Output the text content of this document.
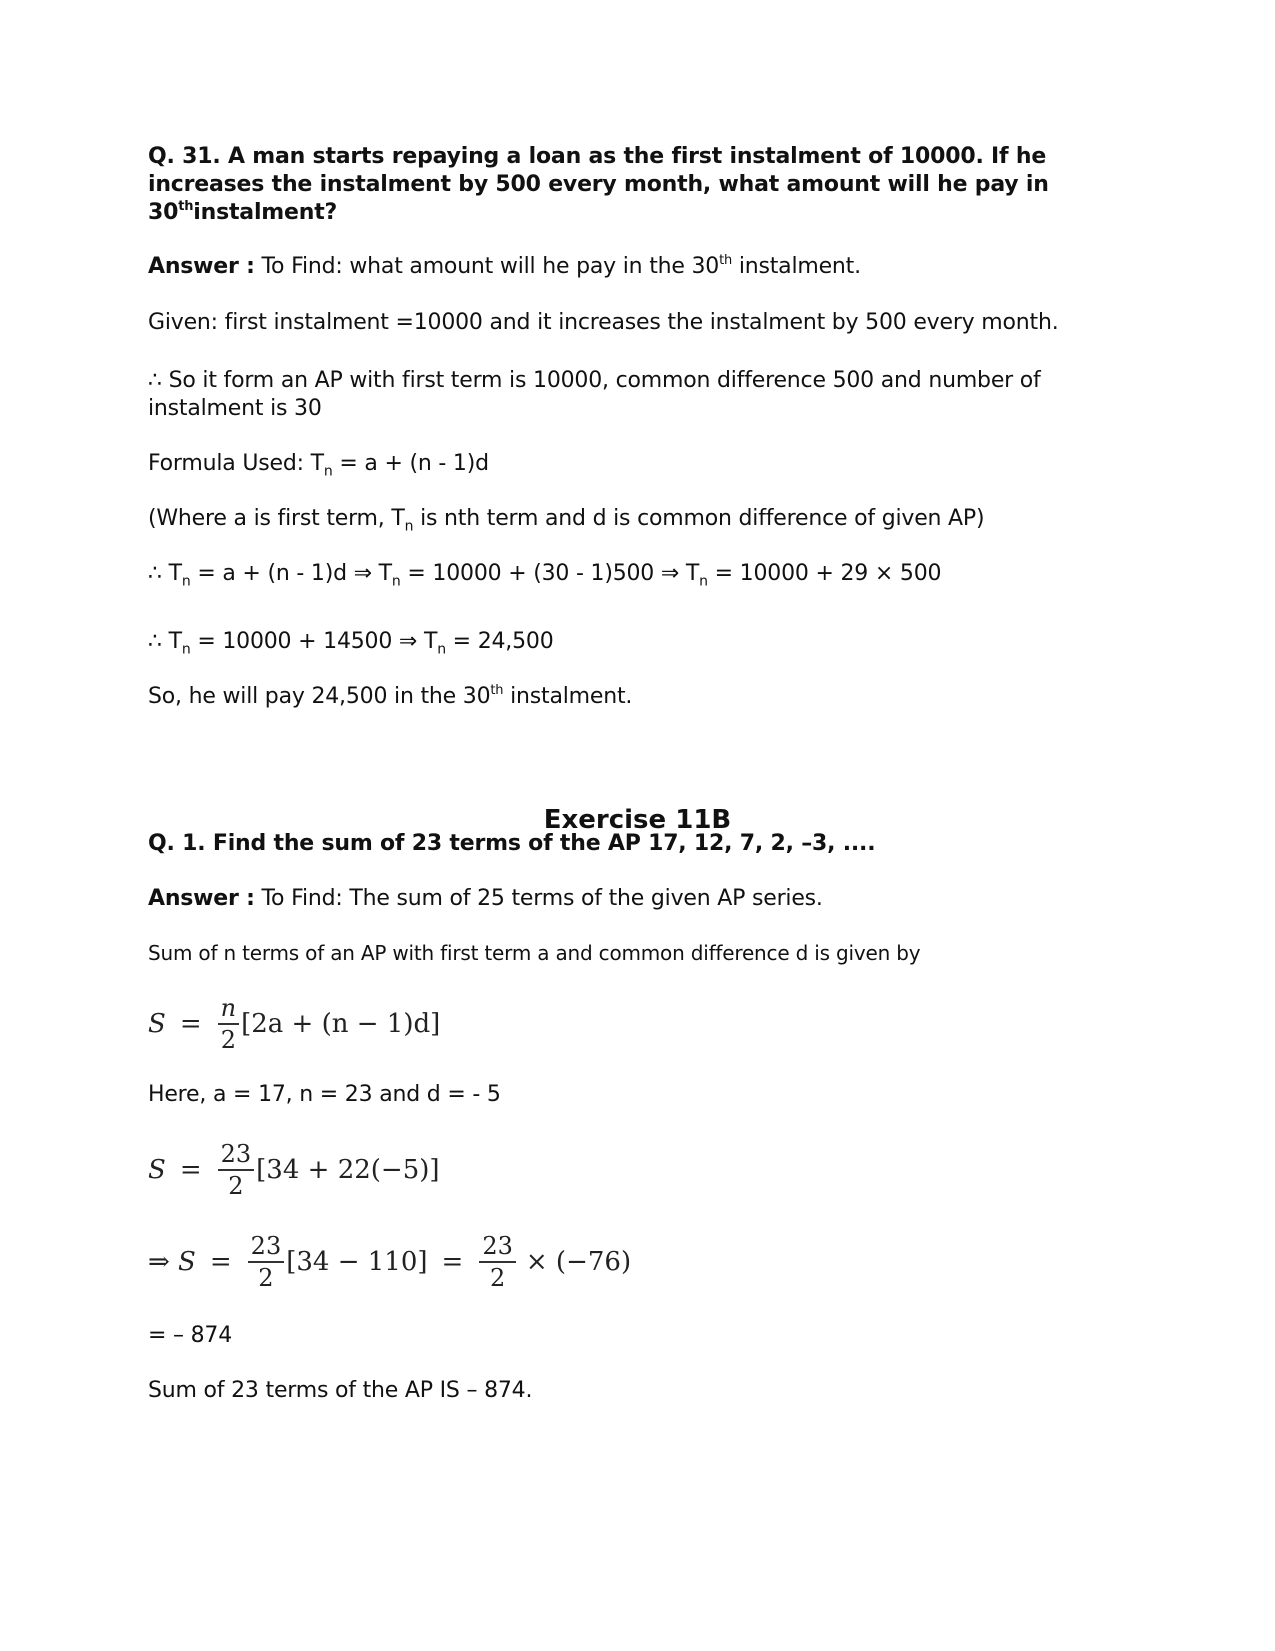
Q. 31. A man starts repaying a loan as the first instalment of 10000. If he increases the instalment by 500 every month, what amount will he pay in 30thinstalment?

Answer : To Find: what amount will he pay in the 30th instalment.

Given: first instalment =10000 and it increases the instalment by 500 every month.

∴ So it form an AP with first term is 10000, common difference 500 and number of instalment is 30

Formula Used: $T_n = a + (n - 1)d$

(Where a is first term, $T_n$ is nth term and d is common difference of given AP)

∴ $T_n = a + (n - 1)d$ ⇒ $T_n = 10000 + (30 - 1)500$ ⇒ $T_n = 10000 + 29 \times 500$

∴ $T_n = 10000 + 14500$ ⇒ $T_n = 24,500$

So, he will pay 24,500 in the 30th instalment.

Exercise 11B

Q. 1. Find the sum of 23 terms of the AP 17, 12, 7, 2, –3, ....

Answer : To Find: The sum of 25 terms of the given AP series.

Sum of n terms of an AP with first term a and common difference d is given by

$S = \frac{n}{2} [2a + (n - 1)d]$

Here, a = 17, n = 23 and d = - 5

$S = \frac{23}{2} [34 + 22(-5)]$
⇒ $S = \frac{23}{2} [34 - 110] = \frac{23}{2} \times (-76)$

= – 874

Sum of 23 terms of the AP IS – 874.
